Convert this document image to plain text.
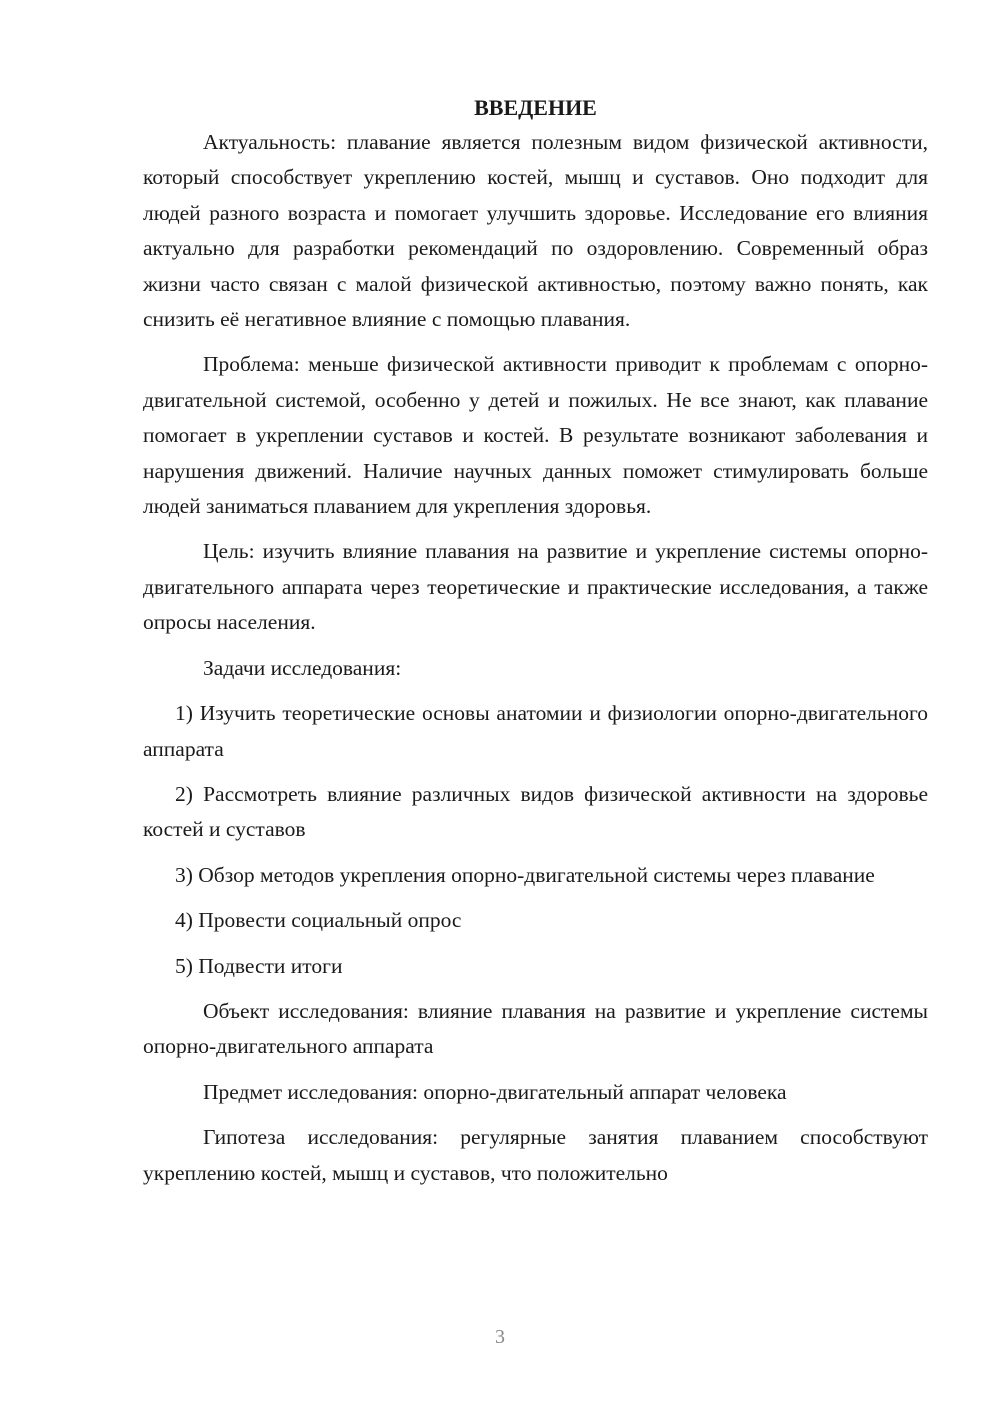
ВВЕДЕНИЕ

Актуальность: плавание является полезным видом физической активности, который способствует укреплению костей, мышц и суставов. Оно подходит для людей разного возраста и помогает улучшить здоровье. Исследование его влияния актуально для разработки рекомендаций по оздоровлению. Современный образ жизни часто связан с малой физической активностью, поэтому важно понять, как снизить её негативное влияние с помощью плавания.

Проблема: меньше физической активности приводит к проблемам с опорно-двигательной системой, особенно у детей и пожилых. Не все знают, как плавание помогает в укреплении суставов и костей. В результате возникают заболевания и нарушения движений. Наличие научных данных поможет стимулировать больше людей заниматься плаванием для укрепления здоровья.

Цель: изучить влияние плавания на развитие и укрепление системы опорно-двигательного аппарата через теоретические и практические исследования, а также опросы населения.

Задачи исследования:

1) Изучить теоретические основы анатомии и физиологии опорно-двигательного аппарата

2) Рассмотреть влияние различных видов физической активности на здоровье костей и суставов

3) Обзор методов укрепления опорно-двигательной системы через плавание

4) Провести социальный опрос

5) Подвести итоги

Объект исследования: влияние плавания на развитие и укрепление системы опорно-двигательного аппарата

Предмет исследования: опорно-двигательный аппарат человека

Гипотеза исследования: регулярные занятия плаванием способствуют укреплению костей, мышц и суставов, что положительно

3
